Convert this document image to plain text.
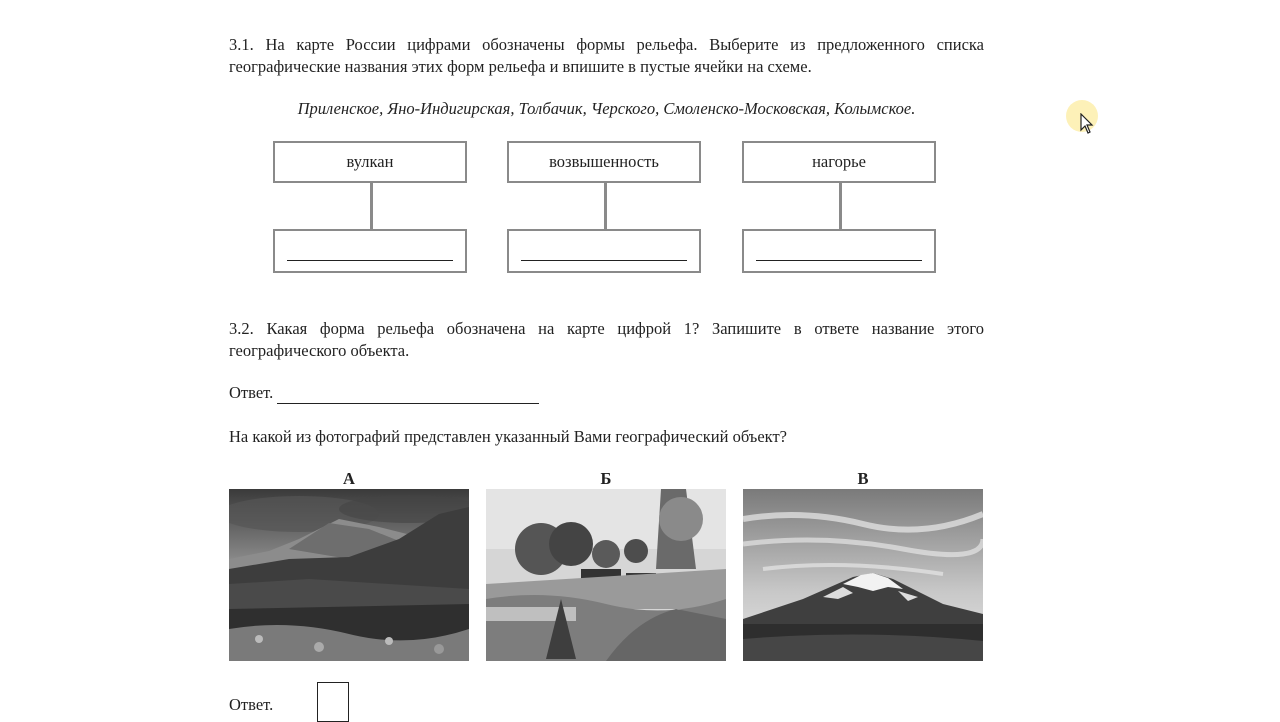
3.1. На карте России цифрами обозначены формы рельефа. Выберите из предложенного списка географические названия этих форм рельефа и впишите в пустые ячейки на схеме.

Приленское, Яно-Индигирская, Толбачик, Черского, Смоленско-Московская, Колымское.

вулкан	возвышенность	нагорье

3.2. Какая форма рельефа обозначена на карте цифрой 1? Запишите в ответе название этого географического объекта.

Ответ.

На какой из фотографий представлен указанный Вами географический объект?

А	Б	В
Ответ.
